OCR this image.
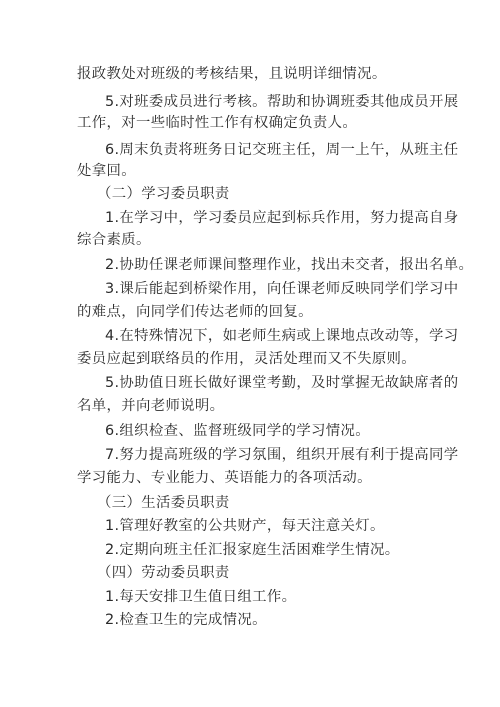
报政教处对班级的考核结果，且说明详细情况。
5.对班委成员进行考核。帮助和协调班委其他成员开展
工作，对一些临时性工作有权确定负责人。
6.周末负责将班务日记交班主任，周一上午，从班主任
处拿回。
（二）学习委员职责
1.在学习中，学习委员应起到标兵作用，努力提高自身
综合素质。
2.协助任课老师课间整理作业，找出未交者，报出名单。
3.课后能起到桥梁作用，向任课老师反映同学们学习中
的难点，向同学们传达老师的回复。
4.在特殊情况下，如老师生病或上课地点改动等，学习
委员应起到联络员的作用，灵活处理而又不失原则。
5.协助值日班长做好课堂考勤，及时掌握无故缺席者的
名单，并向老师说明。
6.组织检查、监督班级同学的学习情况。
7.努力提高班级的学习氛围，组织开展有利于提高同学
学习能力、专业能力、英语能力的各项活动。
（三）生活委员职责
1.管理好教室的公共财产，每天注意关灯。
2.定期向班主任汇报家庭生活困难学生情况。
（四）劳动委员职责
1.每天安排卫生值日组工作。
2.检查卫生的完成情况。
